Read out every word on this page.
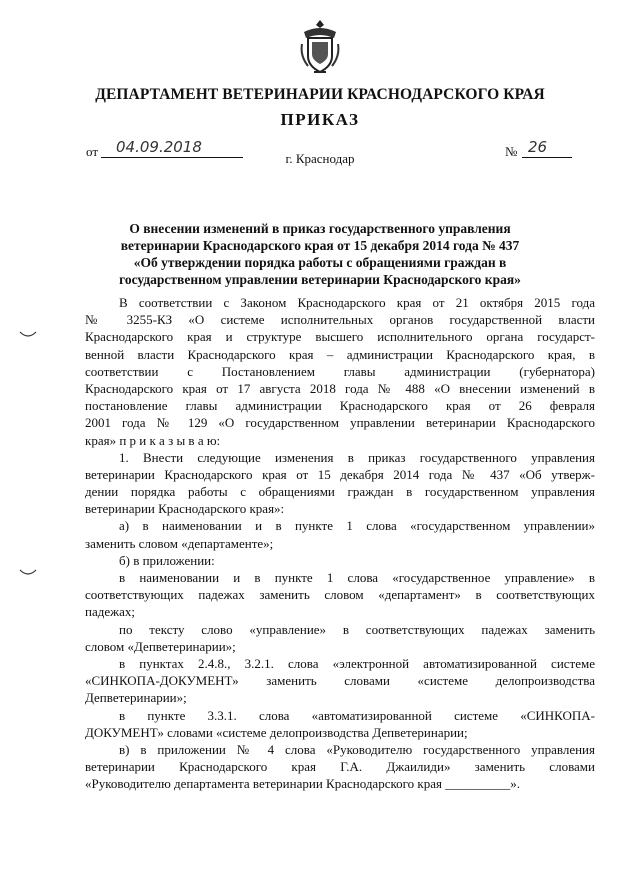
ДЕПАРТАМЕНТ ВЕТЕРИНАРИИ КРАСНОДАРСКОГО КРАЯ
ПРИКАЗ
от 04.09.2018	№ 26
г. Краснодар
О внесении изменений в приказ государственного управления
ветеринарии Краснодарского края от 15 декабря 2014 года № 437
«Об утверждении порядка работы с обращениями граждан в
государственном управлении ветеринарии Краснодарского края»
В соответствии с Законом Краснодарского края от 21 октября 2015 года
№ 3255-КЗ «О системе исполнительных органов государственной власти
Краснодарского края и структуре высшего исполнительного органа государст-
венной власти Краснодарского края – администрации Краснодарского края, в
соответствии с Постановлением главы администрации (губернатора)
Краснодарского края от 17 августа 2018 года № 488 «О внесении изменений в
постановление главы администрации Краснодарского края от 26 февраля
2001 года № 129 «О государственном управлении ветеринарии Краснодарского
края» п р и к а з ы в а ю:
1. Внести следующие изменения в приказ государственного управления
ветеринарии Краснодарского края от 15 декабря 2014 года № 437 «Об утверж-
дении порядка работы с обращениями граждан в государственном управления
ветеринарии Краснодарского края»:
а) в наименовании и в пункте 1 слова «государственном управлении»
заменить словом «департаменте»;
б) в приложении:
в наименовании и в пункте 1 слова «государственное управление» в
соответствующих падежах заменить словом «департамент» в соответствующих
падежах;
по тексту слово «управление» в соответствующих падежах заменить
словом «Депветеринарии»;
в пунктах 2.4.8., 3.2.1. слова «электронной автоматизированной системе
«СИНКОПА-ДОКУМЕНТ» заменить словами «системе делопроизводства
Депветеринарии»;
в пункте 3.3.1. слова «автоматизированной системе «СИНКОПА-
ДОКУМЕНТ» словами «системе делопроизводства Депветеринарии;
в) в приложении № 4 слова «Руководителю государственного управления
ветеринарии Краснодарского края Г.А. Джаилиди» заменить словами
«Руководителю департамента ветеринарии Краснодарского края __________».
